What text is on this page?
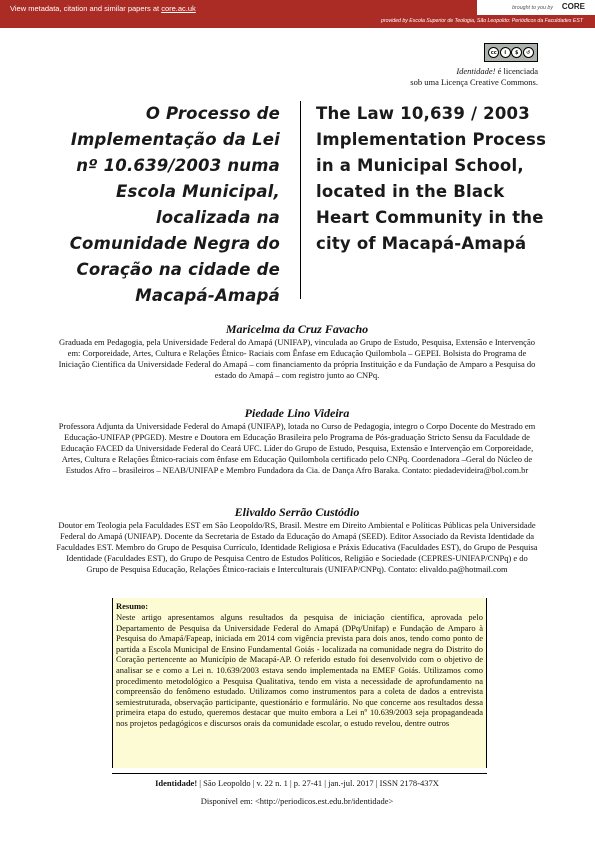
View metadata, citation and similar papers at core.ac.uk
provided by Escola Superior de Teologia, São Leopoldo: Periódicos da Faculdades EST
brought to you by CORE
cc	i	$	↺
Identidade! é licenciada
sob uma Licença Creative Commons.
O Processo de Implementação da Lei nº 10.639/2003 numa Escola Municipal, localizada na Comunidade Negra do Coração na cidade de Macapá-Amapá
The Law 10,639 / 2003 Implementation Process in a Municipal School, located in the Black Heart Community in the city of Macapá-Amapá
Maricelma da Cruz Favacho
Graduada em Pedagogia, pela Universidade Federal do Amapá (UNIFAP), vinculada ao Grupo de Estudo, Pesquisa, Extensão e Intervenção em: Corporeidade, Artes, Cultura e Relações Étnico- Raciais com Ênfase em Educação Quilombola – GEPEI. Bolsista do Programa de Iniciação Científica da Universidade Federal do Amapá – com financiamento da própria Instituição e da Fundação de Amparo a Pesquisa do estado do Amapá – com registro junto ao CNPq.
Piedade Lino Videira
Professora Adjunta da Universidade Federal do Amapá (UNIFAP), lotada no Curso de Pedagogia, integro o Corpo Docente do Mestrado em Educação-UNIFAP (PPGED). Mestre e Doutora em Educação Brasileira pelo Programa de Pós-graduação Stricto Sensu da Faculdade de Educação FACED da Universidade Federal do Ceará UFC. Líder do Grupo de Estudo, Pesquisa, Extensão e Intervenção em Corporeidade, Artes, Cultura e Relações Étnico-raciais com ênfase em Educação Quilombola certificado pelo CNPq. Coordenadora –Geral do Núcleo de Estudos Afro – brasileiros – NEAB/UNIFAP e Membro Fundadora da Cia. de Dança Afro Baraka. Contato: piedadevideira@bol.com.br
Elivaldo Serrão Custódio
Doutor em Teologia pela Faculdades EST em São Leopoldo/RS, Brasil. Mestre em Direito Ambiental e Políticas Públicas pela Universidade Federal do Amapá (UNIFAP). Docente da Secretaria de Estado da Educação do Amapá (SEED). Editor Associado da Revista Identidade da Faculdades EST. Membro do Grupo de Pesquisa Currículo, Identidade Religiosa e Práxis Educativa (Faculdades EST), do Grupo de Pesquisa Identidade (Faculdades EST), do Grupo de Pesquisa Centro de Estudos Políticos, Religião e Sociedade (CEPRES-UNIFAP/CNPq) e do Grupo de Pesquisa Educação, Relações Étnico-raciais e Interculturais (UNIFAP/CNPq). Contato: elivaldo.pa@hotmail.com
Resumo:
Neste artigo apresentamos alguns resultados da pesquisa de iniciação científica, aprovada pelo Departamento de Pesquisa da Universidade Federal do Amapá (DPq/Unifap) e Fundação de Amparo à Pesquisa do Amapá/Fapeap, iniciada em 2014 com vigência prevista para dois anos, tendo como ponto de partida a Escola Municipal de Ensino Fundamental Goiás - localizada na comunidade negra do Distrito do Coração pertencente ao Município de Macapá-AP. O referido estudo foi desenvolvido com o objetivo de analisar se e como a Lei n. 10.639/2003 estava sendo implementada na EMEF Goiás. Utilizamos como procedimento metodológico a Pesquisa Qualitativa, tendo em vista a necessidade de aprofundamento na compreensão do fenômeno estudado. Utilizamos como instrumentos para a coleta de dados a entrevista semiestruturada, observação participante, questionário e formulário. No que concerne aos resultados dessa primeira etapa do estudo, queremos destacar que muito embora a Lei nº 10.639/2003 seja propagandeada nos projetos pedagógicos e discursos orais da comunidade escolar, o estudo revelou, dentre outros
Identidade! | São Leopoldo | v. 22 n. 1 | p. 27-41 | jan.-jul. 2017 | ISSN 2178-437X
Disponível em: <http://periodicos.est.edu.br/identidade>
